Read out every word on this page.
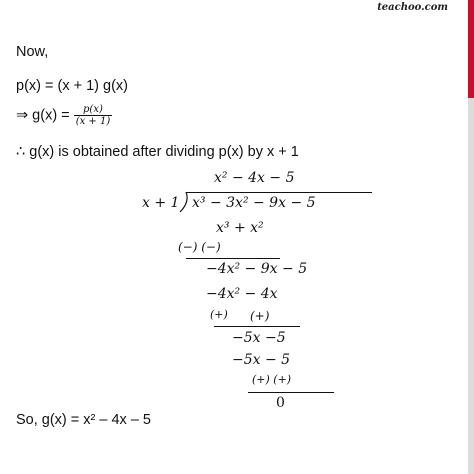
teachoo.com
Now,
p(x) = (x + 1) g(x)
⇒ $g(x) = \frac{p(x)}{(x + 1)}$
∴ g(x) is obtained after dividing p(x) by x + 1
x² − 4x − 5
x + 1 x³ − 3x² − 9x − 5
x³ + x²
(−) (−)
−4x² − 9x − 5
−4x² − 4x
(+) (+)
−5x −5
−5x − 5
(+) (+)
0
So, g(x) = x² – 4x – 5
